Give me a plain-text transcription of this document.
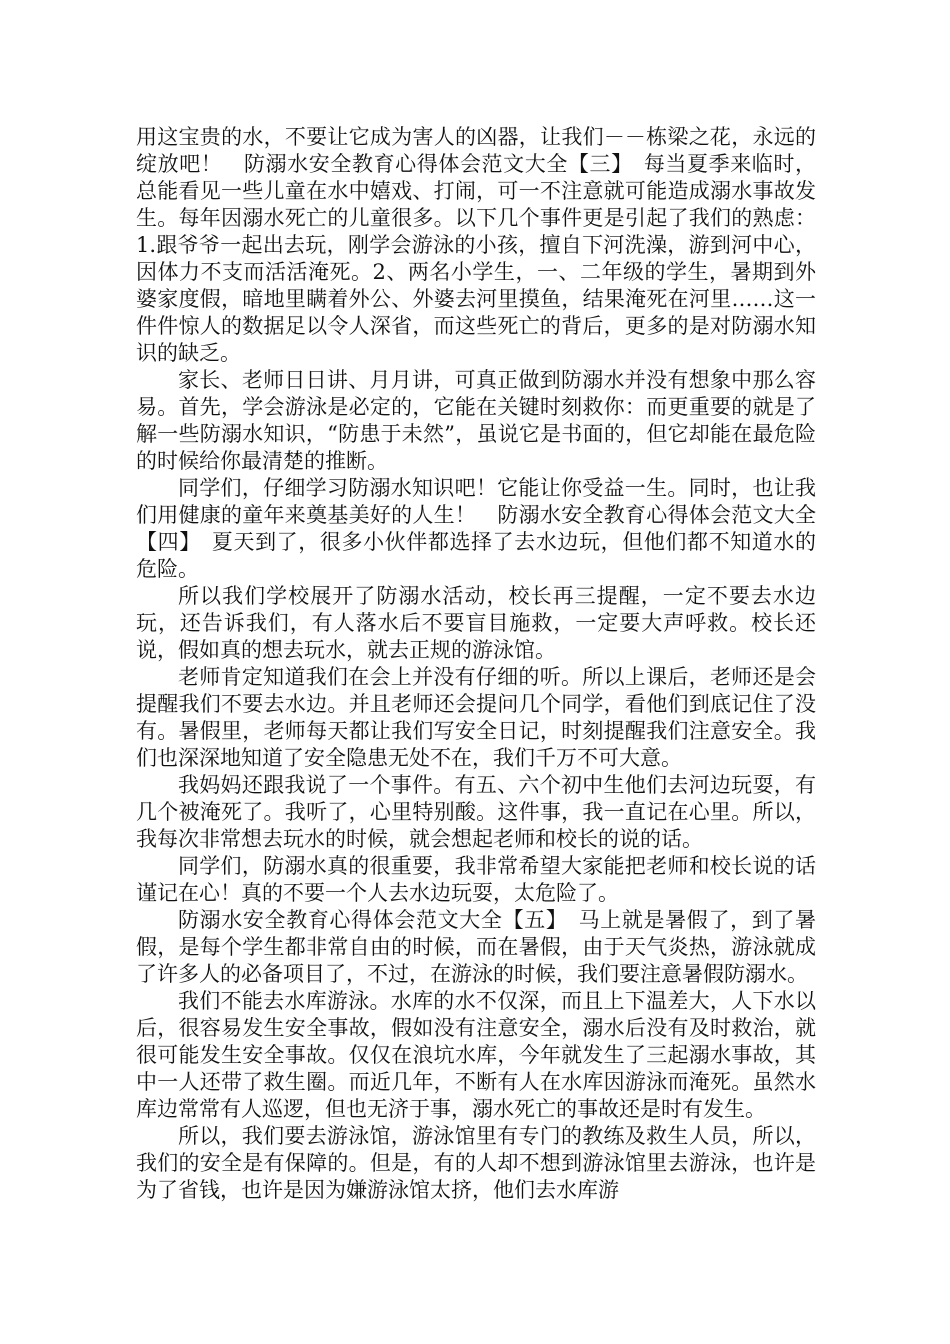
用这宝贵的水，不要让它成为害人的凶器，让我们－－栋梁之花，永远的绽放吧！　防溺水安全教育心得体会范文大全【三】　每当夏季来临时，总能看见一些儿童在水中嬉戏、打闹，可一不注意就可能造成溺水事故发生。每年因溺水死亡的儿童很多。以下几个事件更是引起了我们的熟虑：1.跟爷爷一起出去玩，刚学会游泳的小孩，擅自下河洗澡，游到河中心，因体力不支而活活淹死。2、两名小学生，一、二年级的学生，暑期到外婆家度假，暗地里瞒着外公、外婆去河里摸鱼，结果淹死在河里……这一件件惊人的数据足以令人深省，而这些死亡的背后，更多的是对防溺水知识的缺乏。

家长、老师日日讲、月月讲，可真正做到防溺水并没有想象中那么容易。首先，学会游泳是必定的，它能在关键时刻救你：而更重要的就是了解一些防溺水知识，“防患于未然”，虽说它是书面的，但它却能在最危险的时候给你最清楚的推断。

同学们，仔细学习防溺水知识吧！它能让你受益一生。同时，也让我们用健康的童年来奠基美好的人生！　防溺水安全教育心得体会范文大全【四】　夏天到了，很多小伙伴都选择了去水边玩，但他们都不知道水的危险。

所以我们学校展开了防溺水活动，校长再三提醒，一定不要去水边玩，还告诉我们，有人落水后不要盲目施救，一定要大声呼救。校长还说，假如真的想去玩水，就去正规的游泳馆。

老师肯定知道我们在会上并没有仔细的听。所以上课后，老师还是会提醒我们不要去水边。并且老师还会提问几个同学，看他们到底记住了没有。暑假里，老师每天都让我们写安全日记，时刻提醒我们注意安全。我们也深深地知道了安全隐患无处不在，我们千万不可大意。

我妈妈还跟我说了一个事件。有五、六个初中生他们去河边玩耍，有几个被淹死了。我听了，心里特别酸。这件事，我一直记在心里。所以，我每次非常想去玩水的时候，就会想起老师和校长的说的话。

同学们，防溺水真的很重要，我非常希望大家能把老师和校长说的话谨记在心！真的不要一个人去水边玩耍，太危险了。

防溺水安全教育心得体会范文大全【五】　马上就是暑假了，到了暑假，是每个学生都非常自由的时候，而在暑假，由于天气炎热，游泳就成了许多人的必备项目了，不过，在游泳的时候，我们要注意暑假防溺水。

我们不能去水库游泳。水库的水不仅深，而且上下温差大，人下水以后，很容易发生安全事故，假如没有注意安全，溺水后没有及时救治，就很可能发生安全事故。仅仅在浪坑水库，今年就发生了三起溺水事故，其中一人还带了救生圈。而近几年，不断有人在水库因游泳而淹死。虽然水库边常常有人巡逻，但也无济于事，溺水死亡的事故还是时有发生。

所以，我们要去游泳馆，游泳馆里有专门的教练及救生人员，所以，我们的安全是有保障的。但是，有的人却不想到游泳馆里去游泳，也许是为了省钱，也许是因为嫌游泳馆太挤，他们去水库游
